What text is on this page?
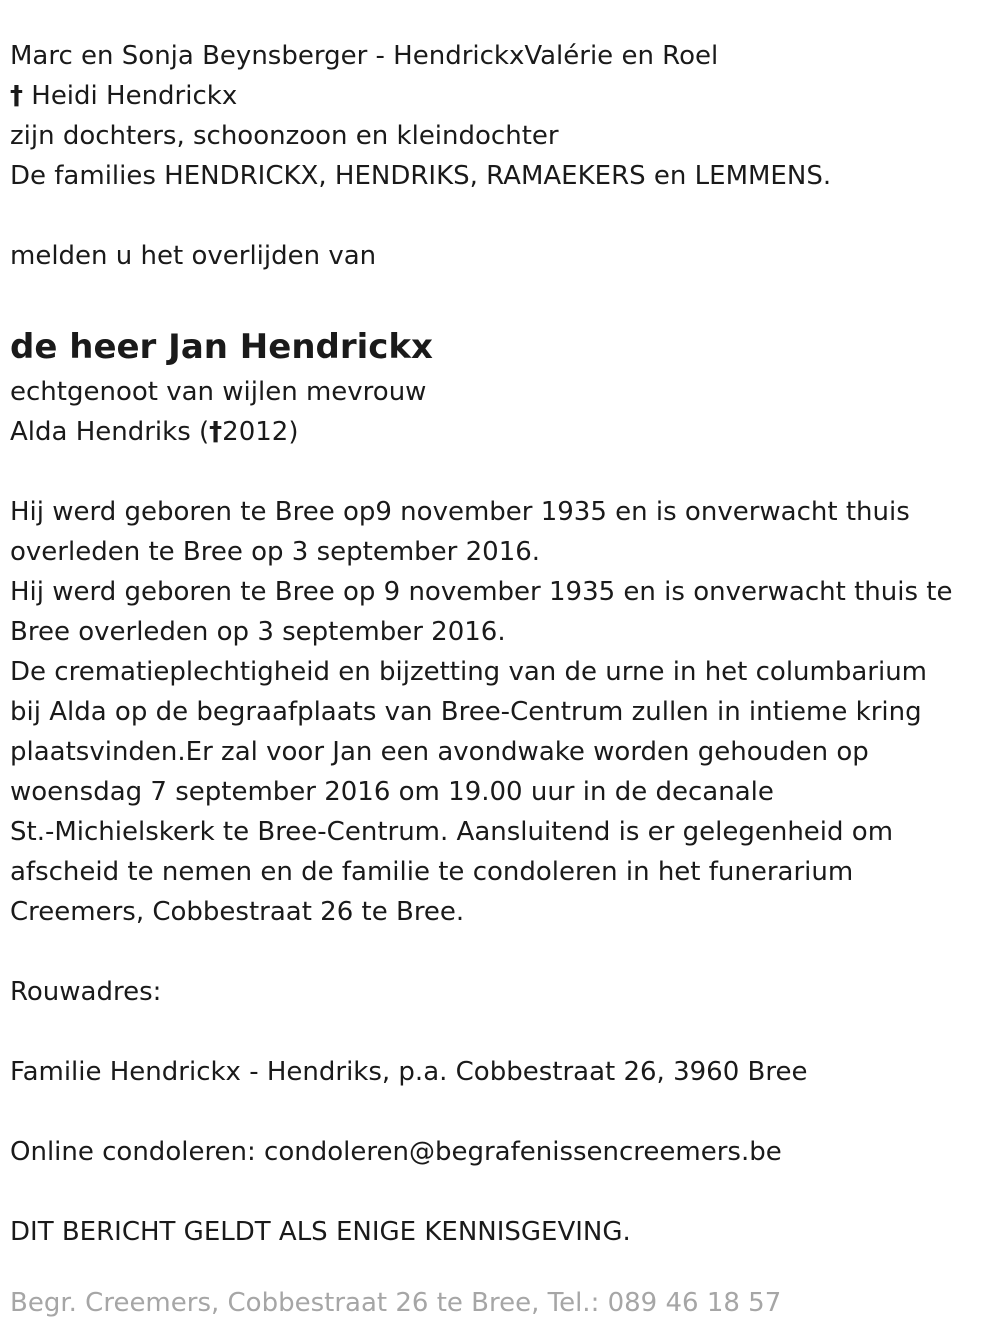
Marc en Sonja Beynsberger - HendrickxValérie en Roel

† Heidi Hendrickx

zijn dochters, schoonzoon en kleindochter

De families HENDRICKX, HENDRIKS, RAMAEKERS en LEMMENS.

melden u het overlijden van

de heer Jan Hendrickx

echtgenoot van wijlen mevrouw

Alda Hendriks (†2012)

Hij werd geboren te Bree op9 november 1935 en is onverwacht thuis

overleden te Bree op 3 september 2016.

Hij werd geboren te Bree op 9 november 1935 en is onverwacht thuis te

Bree overleden op 3 september 2016.

De crematieplechtigheid en bijzetting van de urne in het columbarium

bij Alda op de begraafplaats van Bree-Centrum zullen in intieme kring

plaatsvinden.Er zal voor Jan een avondwake worden gehouden op

woensdag 7 september 2016 om 19.00 uur in de decanale

St.-Michielskerk te Bree-Centrum. Aansluitend is er gelegenheid om

afscheid te nemen en de familie te condoleren in het funerarium

Creemers, Cobbestraat 26 te Bree.

Rouwadres:

Familie Hendrickx - Hendriks, p.a. Cobbestraat 26, 3960 Bree

Online condoleren: condoleren@begrafenissencreemers.be

DIT BERICHT GELDT ALS ENIGE KENNISGEVING.

Begr. Creemers, Cobbestraat 26 te Bree, Tel.: 089 46 18 57
